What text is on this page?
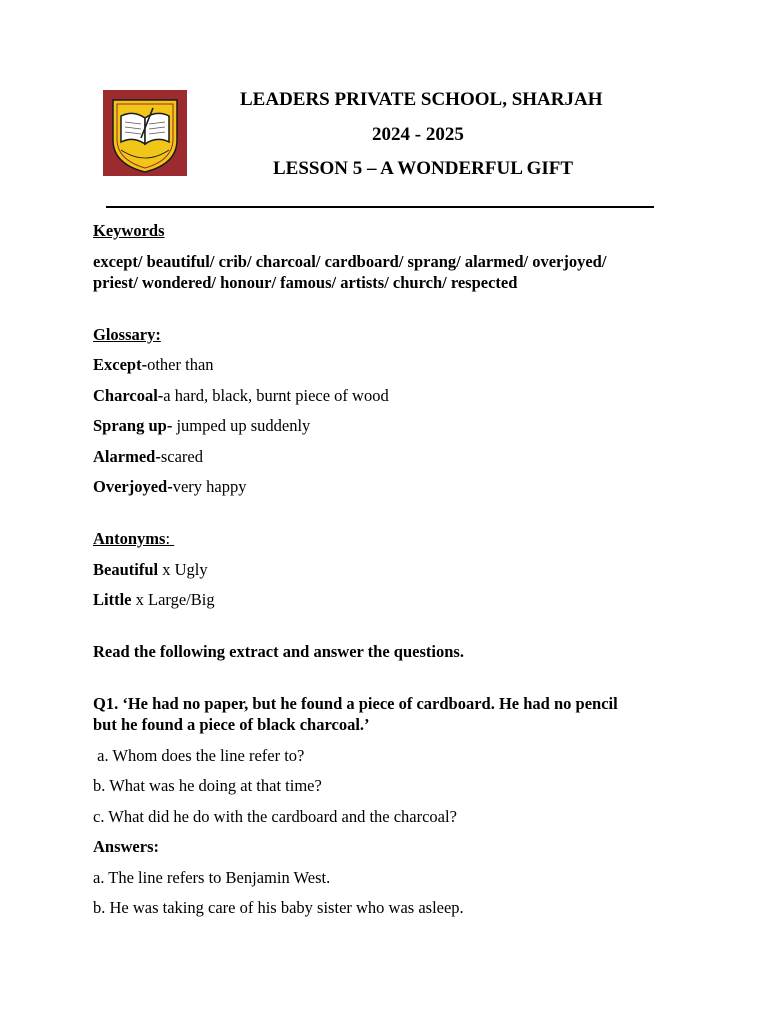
LEADERS PRIVATE SCHOOL, SHARJAH
2024 - 2025
LESSON 5 – A WONDERFUL GIFT

Keywords

except/ beautiful/ crib/ charcoal/ cardboard/ sprang/ alarmed/ overjoyed/

priest/ wondered/ honour/ famous/ artists/ church/ respected

Glossary:

Except-other than

Charcoal-a hard, black, burnt piece of wood

Sprang up- jumped up suddenly

Alarmed-scared

Overjoyed-very happy

Antonyms:

Beautiful x Ugly

Little x Large/Big

Read the following extract and answer the questions.

Q1. ‘He had no paper, but he found a piece of cardboard. He had no pencil

but he found a piece of black charcoal.’

a. Whom does the line refer to?

b. What was he doing at that time?

c. What did he do with the cardboard and the charcoal?

Answers:

a. The line refers to Benjamin West.

b. He was taking care of his baby sister who was asleep.
